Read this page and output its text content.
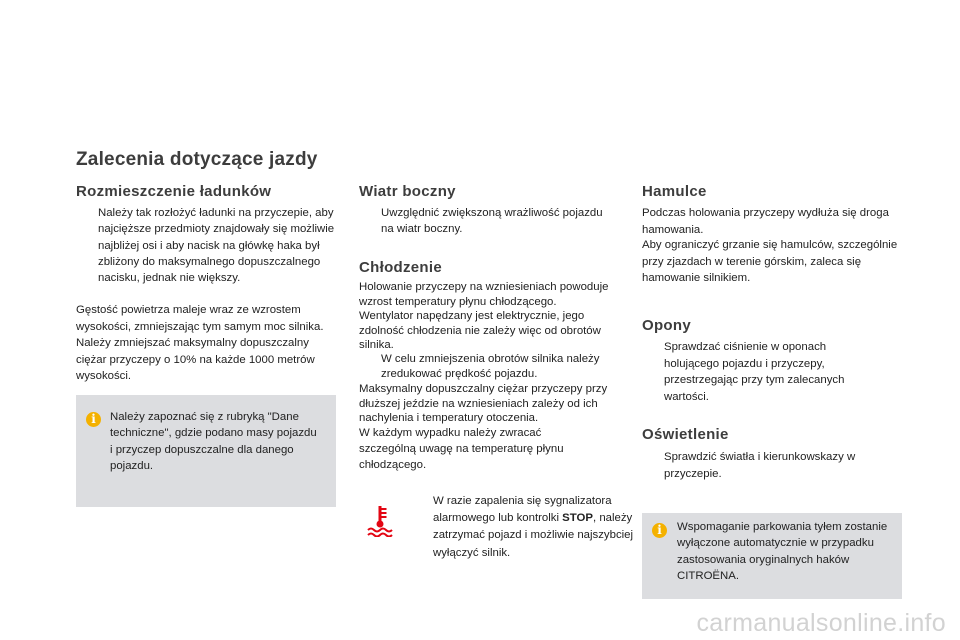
Zalecenia dotyczące jazdy
Rozmieszczenie ładunków
Należy tak rozłożyć ładunki na przyczepie, aby najcięższe przedmioty znajdowały się możliwie najbliżej osi i aby nacisk na główkę haka był zbliżony do maksymalnego dopuszczalnego nacisku, jednak nie większy.
Gęstość powietrza maleje wraz ze wzrostem wysokości, zmniejszając tym samym moc silnika. Należy zmniejszać maksymalny dopuszczalny ciężar przyczepy o 10% na każde 1000 metrów wysokości.
i	Należy zapoznać się z rubryką "Dane techniczne", gdzie podano masy pojazdu i przyczep dopuszczalne dla danego pojazdu.
Wiatr boczny
Uwzględnić zwiększoną wrażliwość pojazdu na wiatr boczny.
Chłodzenie
Holowanie przyczepy na wzniesieniach powoduje wzrost temperatury płynu chłodzącego.
Wentylator napędzany jest elektrycznie, jego zdolność chłodzenia nie zależy więc od obrotów silnika.
W celu zmniejszenia obrotów silnika należy zredukować prędkość pojazdu.
Maksymalny dopuszczalny ciężar przyczepy przy dłuższej jeździe na wzniesieniach zależy od ich nachylenia i temperatury otoczenia.
W każdym wypadku należy zwracać szczególną uwagę na temperaturę płynu chłodzącego.
W razie zapalenia się sygnalizatora alarmowego lub kontrolki STOP, należy zatrzymać pojazd i możliwie najszybciej wyłączyć silnik.
Hamulce
Podczas holowania przyczepy wydłuża się droga hamowania.
Aby ograniczyć grzanie się hamulców, szczególnie przy zjazdach w terenie górskim, zaleca się hamowanie silnikiem.
Opony
Sprawdzać ciśnienie w oponach holującego pojazdu i przyczepy, przestrzegając przy tym zalecanych wartości.
Oświetlenie
Sprawdzić światła i kierunkowskazy w przyczepie.
i	Wspomaganie parkowania tyłem zostanie wyłączone automatycznie w przypadku zastosowania oryginalnych haków CITROËNA.
carmanualsonline.info
